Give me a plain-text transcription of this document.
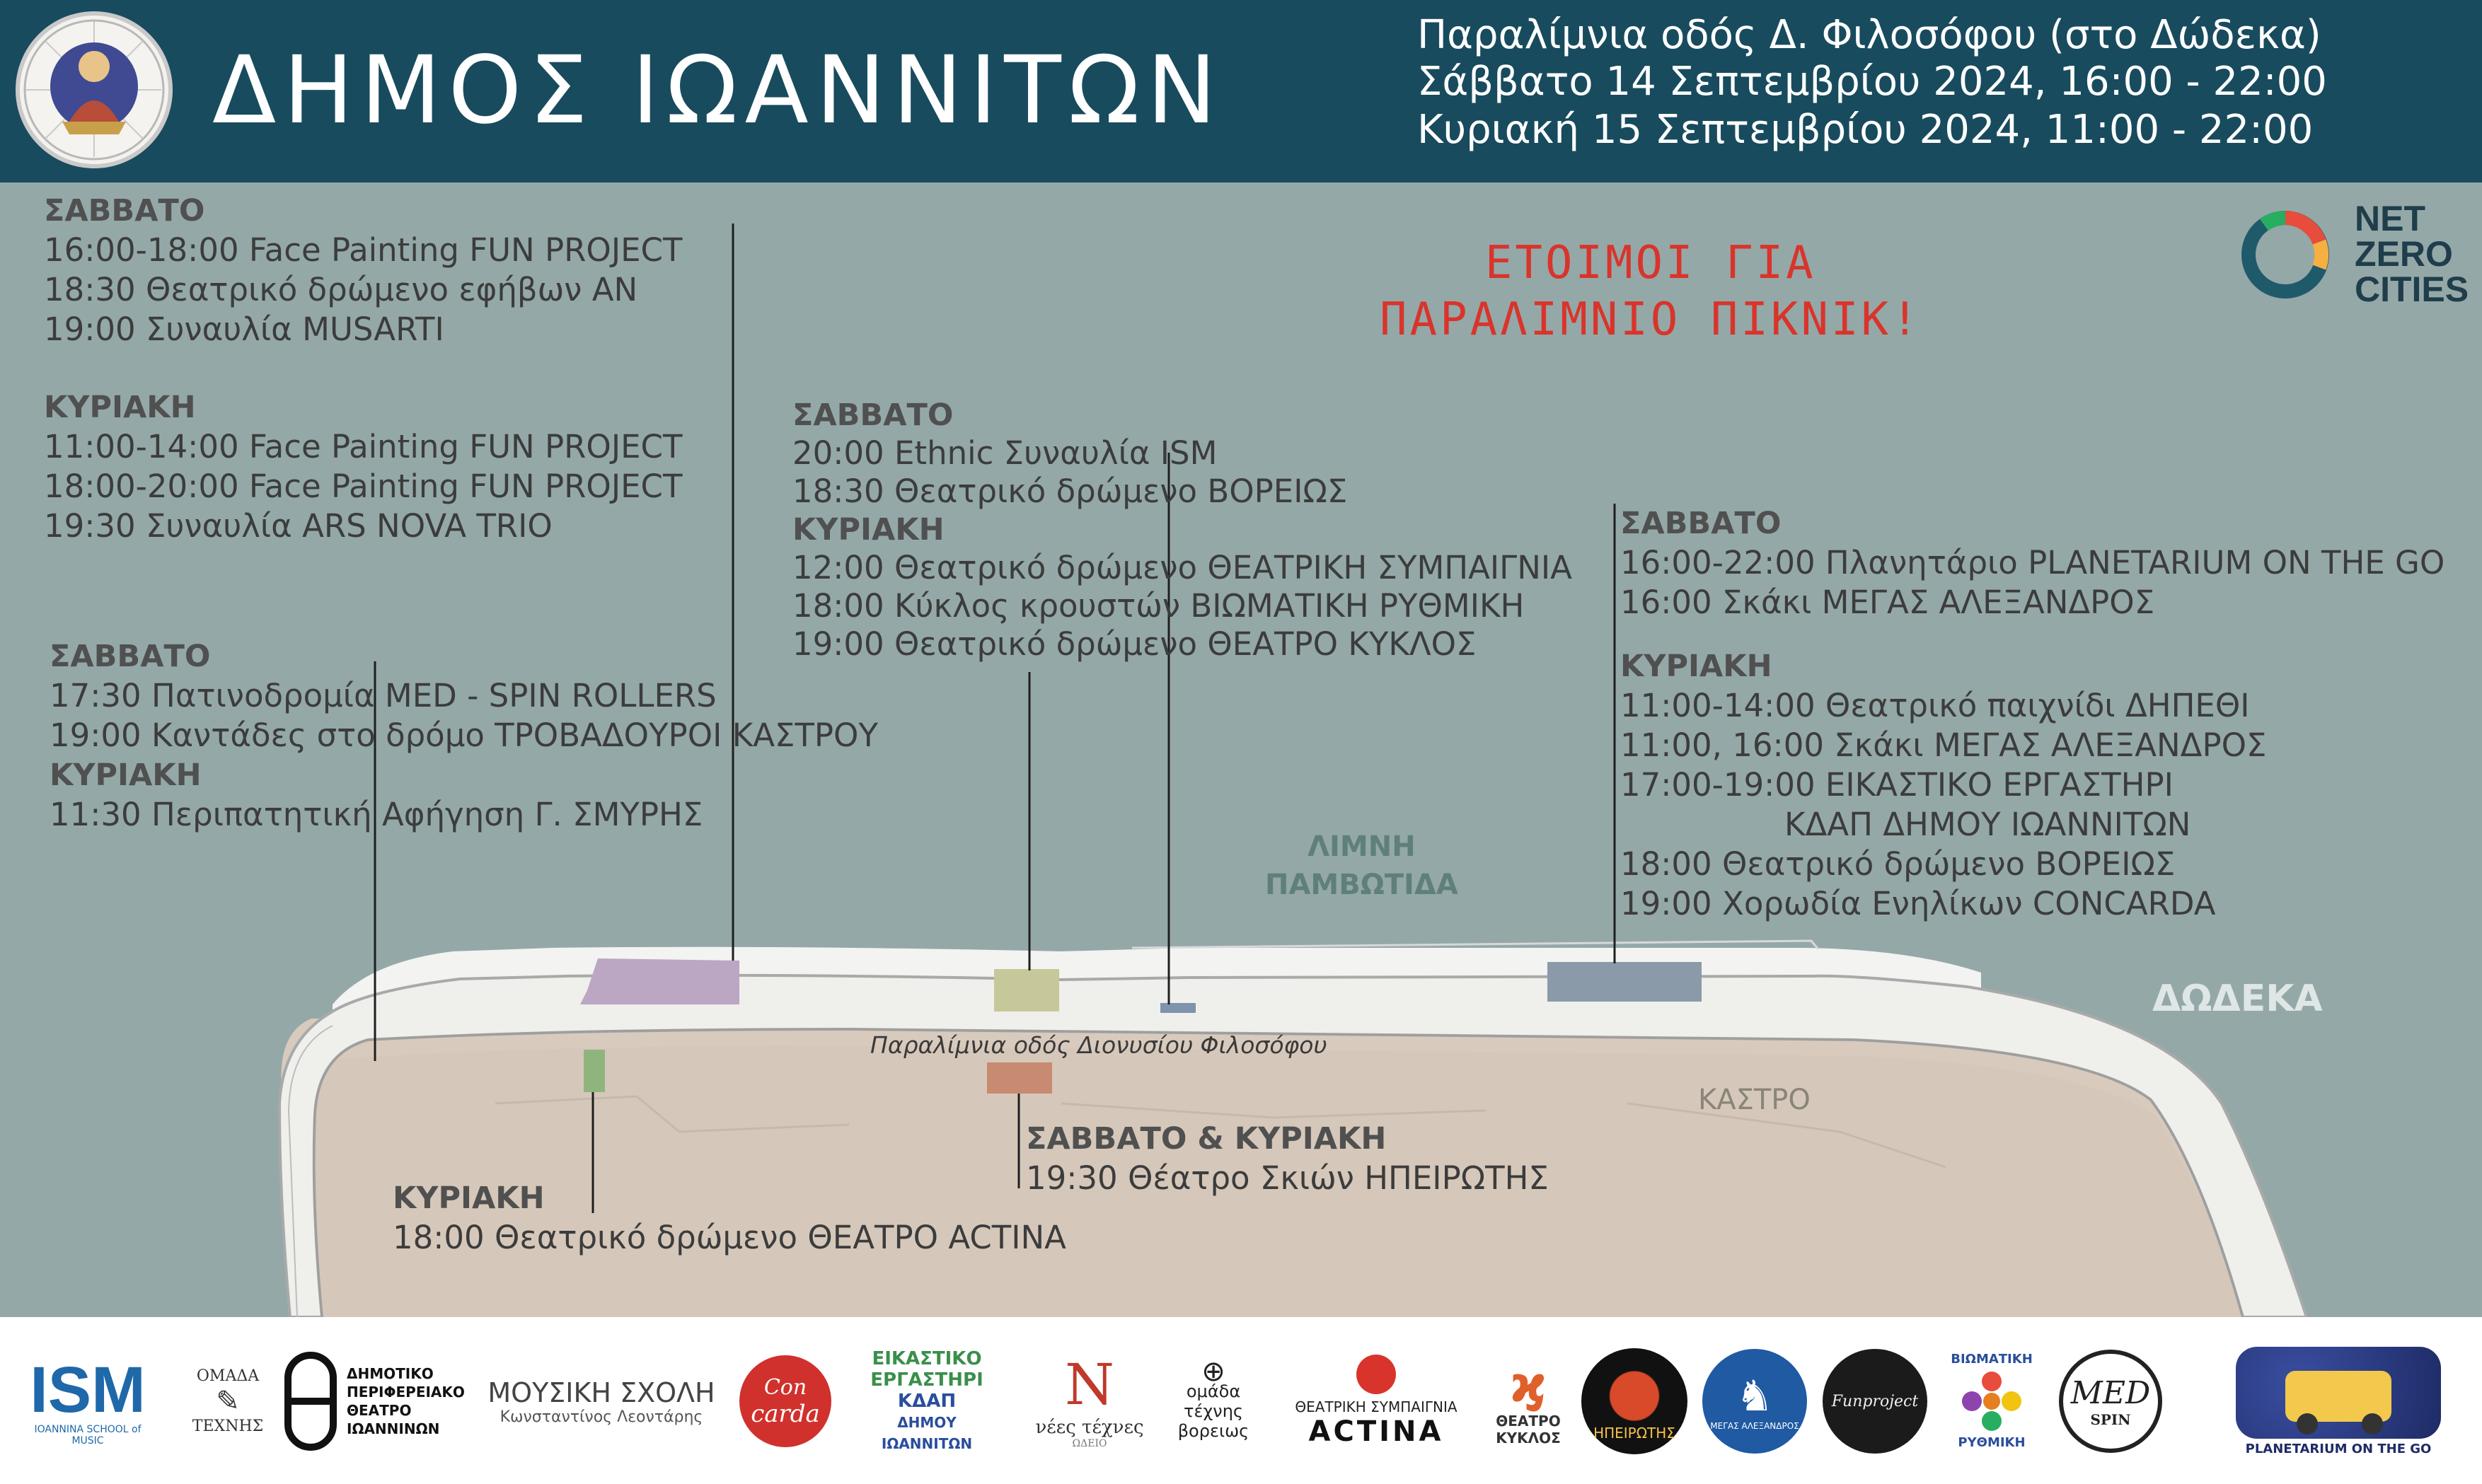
ΔΗΜΟΣ ΙΩΑΝΝΙΤΩΝ
Παραλίμνια οδός Δ. Φιλοσόφου (στο Δώδεκα)
Σάββατο 14 Σεπτεμβρίου 2024, 16:00 - 22:00
Κυριακή 15 Σεπτεμβρίου 2024, 11:00 - 22:00
ΕΤΟΙΜΟΙ ΓΙΑ
ΠΑΡΑΛΙΜΝΙΟ ΠΙΚΝΙΚ!
NET
ZERO
CITIES
ΣΑΒΒΑΤΟ
16:00-18:00 Face Painting FUN PROJECT
18:30 Θεατρικό δρώμενο εφήβων ΑΝ
19:00 Συναυλία MUSARTI
ΚΥΡΙΑΚΗ
11:00-14:00 Face Painting FUN PROJECT
18:00-20:00 Face Painting FUN PROJECT
19:30 Συναυλία ARS NOVA TRIO
ΣΑΒΒΑΤΟ
17:30 Πατινοδρομία MED - SPIN ROLLERS
19:00 Καντάδες στο δρόμο ΤΡΟΒΑΔΟΥΡΟΙ ΚΑΣΤΡΟΥ
ΚΥΡΙΑΚΗ
11:30 Περιπατητική Αφήγηση Γ. ΣΜΥΡΗΣ
ΣΑΒΒΑΤΟ
20:00 Ethnic Συναυλία ISM
18:30 Θεατρικό δρώμενο ΒΟΡΕΙΩΣ
ΚΥΡΙΑΚΗ
12:00 Θεατρικό δρώμενο ΘΕΑΤΡΙΚΗ ΣΥΜΠΑΙΓΝΙΑ
18:00 Κύκλος κρουστών ΒΙΩΜΑΤΙΚΗ ΡΥΘΜΙΚΗ
19:00 Θεατρικό δρώμενο ΘΕΑΤΡΟ ΚΥΚΛΟΣ
ΣΑΒΒΑΤΟ
16:00-22:00 Πλανητάριο PLANETARIUM ON THE GO
16:00 Σκάκι ΜΕΓΑΣ ΑΛΕΞΑΝΔΡΟΣ
ΚΥΡΙΑΚΗ
11:00-14:00 Θεατρικό παιχνίδι ΔΗΠΕΘΙ
11:00, 16:00 Σκάκι ΜΕΓΑΣ ΑΛΕΞΑΝΔΡΟΣ
17:00-19:00 ΕΙΚΑΣΤΙΚΟ ΕΡΓΑΣΤΗΡΙ
ΚΔΑΠ ΔΗΜΟΥ ΙΩΑΝΝΙΤΩΝ
18:00 Θεατρικό δρώμενο ΒΟΡΕΙΩΣ
19:00 Χορωδία Ενηλίκων CONCARDA
ΣΑΒΒΑΤΟ & ΚΥΡΙΑΚΗ
19:30 Θέατρο Σκιών ΗΠΕΙΡΩΤΗΣ
ΚΥΡΙΑΚΗ
18:00 Θεατρικό δρώμενο ΘΕΑΤΡΟ ACTINA
ΛΙΜΝΗ
ΠΑΜΒΩΤΙΔΑ
ΔΩΔΕΚΑ
ΚΑΣΤΡΟ
Παραλίμνια οδός Διονυσίου Φιλοσόφου
ISM
IOANNINA SCHOOL of MUSIC
ΟΜΑΔΑ
✎
ΤΕΧΝΗΣ
ΔΗΜΟΤΙΚΟ
ΠΕΡΙΦΕΡΕΙΑΚΟ
ΘΕΑΤΡΟ
ΙΩΑΝΝΙΝΩΝ
ΜΟΥΣΙΚΗ ΣΧΟΛΗ
Κωνσταντίνος Λεοντάρης
Con
carda
ΕΙΚΑΣΤΙΚΟ
ΕΡΓΑΣΤΗΡΙ
ΚΔΑΠ
ΔΗΜΟΥ
ΙΩΑΝΝΙΤΩΝ
Ν
νέες τέχνες
ΩΔΕΙΟ
⊕
ομάδα
τέχνης
βορειως
ΘΕΑΤΡΙΚΗ ΣΥΜΠΑΙΓΝΙΑ
ACTINA
ϗ
ΘΕΑΤΡΟ
ΚΥΚΛΟΣ ΗΠΕΙΡΩΤΗΣ
♞
ΜΕΓΑΣ ΑΛΕΞΑΝΔΡΟΣ
Funproject
ΒΙΩΜΑΤΙΚΗ
ΡΥΘΜΙΚΗ
MED
SPIN
PLANETARIUM ON THE GO
